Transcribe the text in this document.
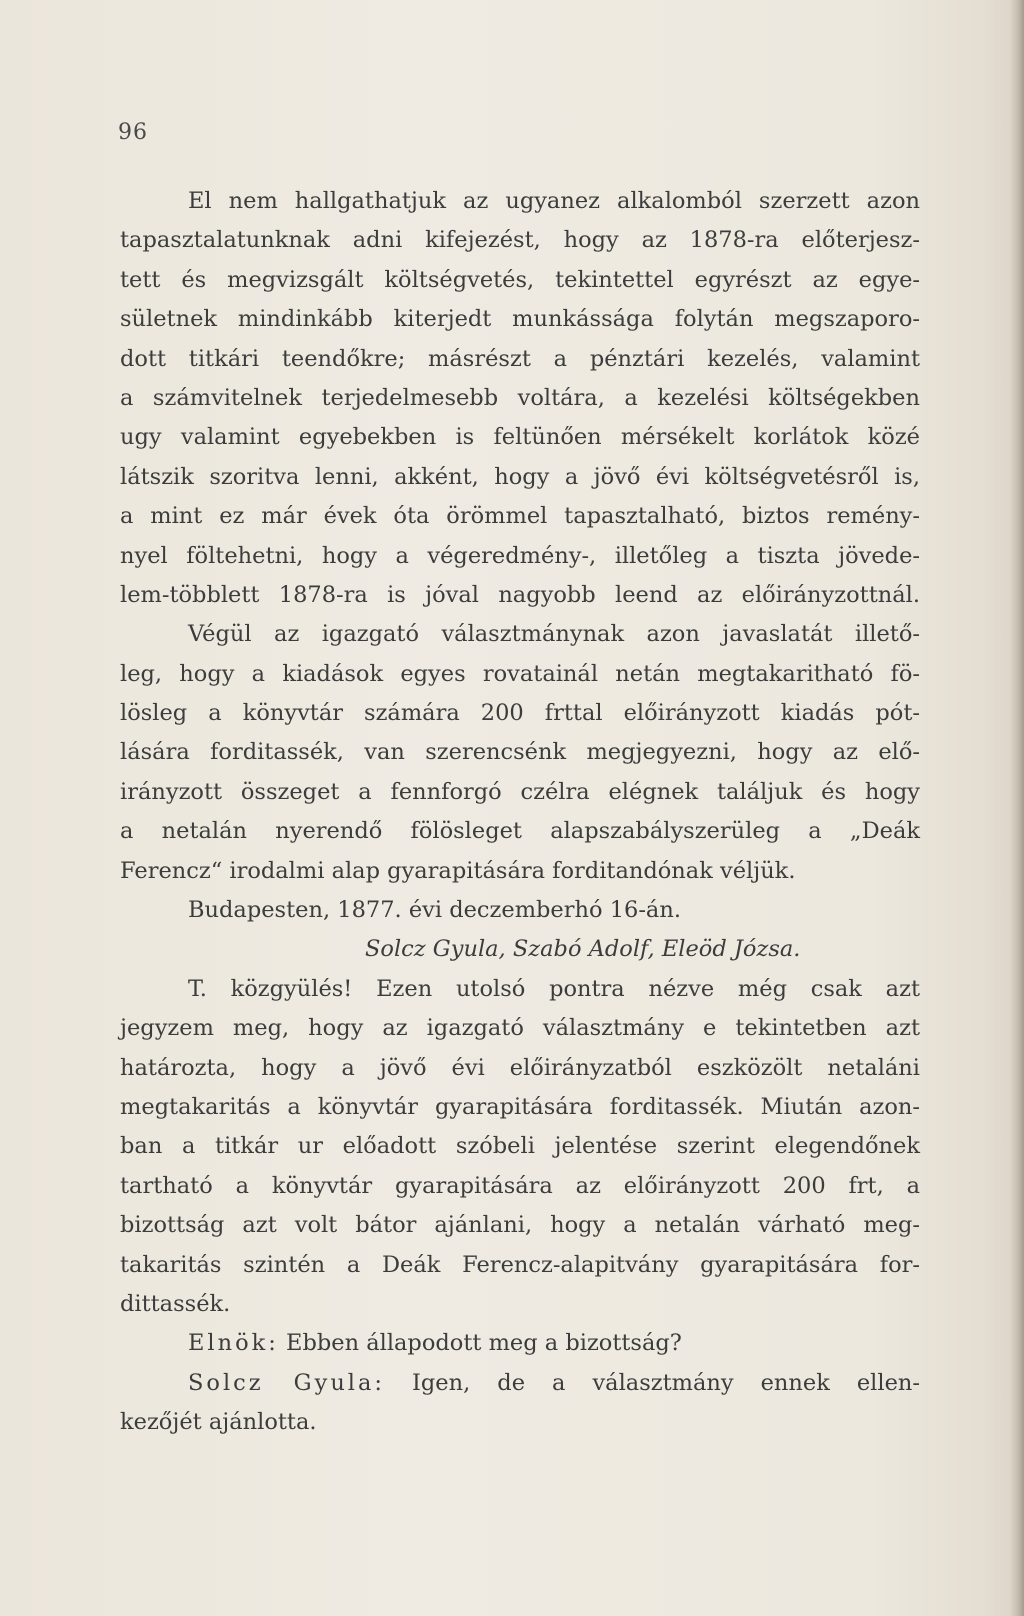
96
El nem hallgathatjuk az ugyanez alkalomból szerzett azon
tapasztalatunknak adni kifejezést, hogy az 1878-ra előterjesz-
tett és megvizsgált költségvetés, tekintettel egyrészt az egye-
sületnek mindinkább kiterjedt munkássága folytán megszaporo-
dott titkári teendőkre; másrészt a pénztári kezelés, valamint
a számvitelnek terjedelmesebb voltára, a kezelési költségekben
ugy valamint egyebekben is feltünően mérsékelt korlátok közé
látszik szoritva lenni, akként, hogy a jövő évi költségvetésről is,
a mint ez már évek óta örömmel tapasztalható, biztos remény-
nyel föltehetni, hogy a végeredmény-, illetőleg a tiszta jövede-
lem-többlett 1878-ra is jóval nagyobb leend az előirányzottnál.
Végül az igazgató választmánynak azon javaslatát illető-
leg, hogy a kiadások egyes rovatainál netán megtakaritható fö-
lösleg a könyvtár számára 200 frttal előirányzott kiadás pót-
lására forditassék, van szerencsénk megjegyezni, hogy az elő-
irányzott összeget a fennforgó czélra elégnek találjuk és hogy
a netalán nyerendő fölösleget alapszabályszerüleg a „Deák
Ferencz“ irodalmi alap gyarapitására forditandónak véljük.
Budapesten, 1877. évi deczemberhó 16-án.
Solcz Gyula, Szabó Adolf, Eleöd Józsa.
T. közgyülés! Ezen utolsó pontra nézve még csak azt
jegyzem meg, hogy az igazgató választmány e tekintetben azt
határozta, hogy a jövő évi előirányzatból eszközölt netaláni
megtakaritás a könyvtár gyarapitására forditassék. Miután azon-
ban a titkár ur előadott szóbeli jelentése szerint elegendőnek
tartható a könyvtár gyarapitására az előirányzott 200 frt, a
bizottság azt volt bátor ajánlani, hogy a netalán várható meg-
takaritás szintén a Deák Ferencz-alapitvány gyarapitására for-
dittassék.
Elnök: Ebben állapodott meg a bizottság?
Solcz Gyula: Igen, de a választmány ennek ellen-
kezőjét ajánlotta.
